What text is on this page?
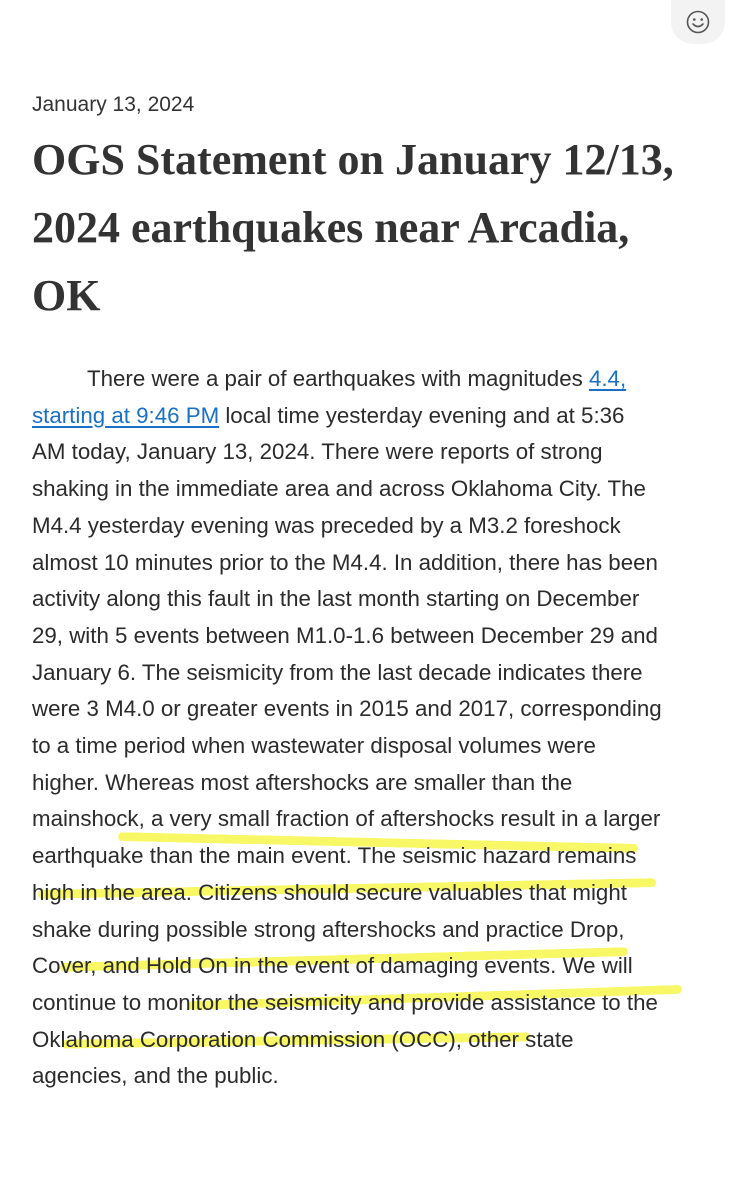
January 13, 2024
OGS Statement on January 12/13,
2024 earthquakes near Arcadia,
OK
There were a pair of earthquakes with magnitudes 4.4,
starting at 9:46 PM local time yesterday evening and at 5:36
AM today, January 13, 2024. There were reports of strong
shaking in the immediate area and across Oklahoma City. The
M4.4 yesterday evening was preceded by a M3.2 foreshock
almost 10 minutes prior to the M4.4. In addition, there has been
activity along this fault in the last month starting on December
29, with 5 events between M1.0-1.6 between December 29 and
January 6. The seismicity from the last decade indicates there
were 3 M4.0 or greater events in 2015 and 2017, corresponding
to a time period when wastewater disposal volumes were
higher. Whereas most aftershocks are smaller than the
mainshock, a very small fraction of aftershocks result in a larger
earthquake than the main event. The seismic hazard remains
high in the area. Citizens should secure valuables that might
shake during possible strong aftershocks and practice Drop,
Cover, and Hold On in the event of damaging events. We will
continue to monitor the seismicity and provide assistance to the
Oklahoma Corporation Commission (OCC), other state
agencies, and the public.
